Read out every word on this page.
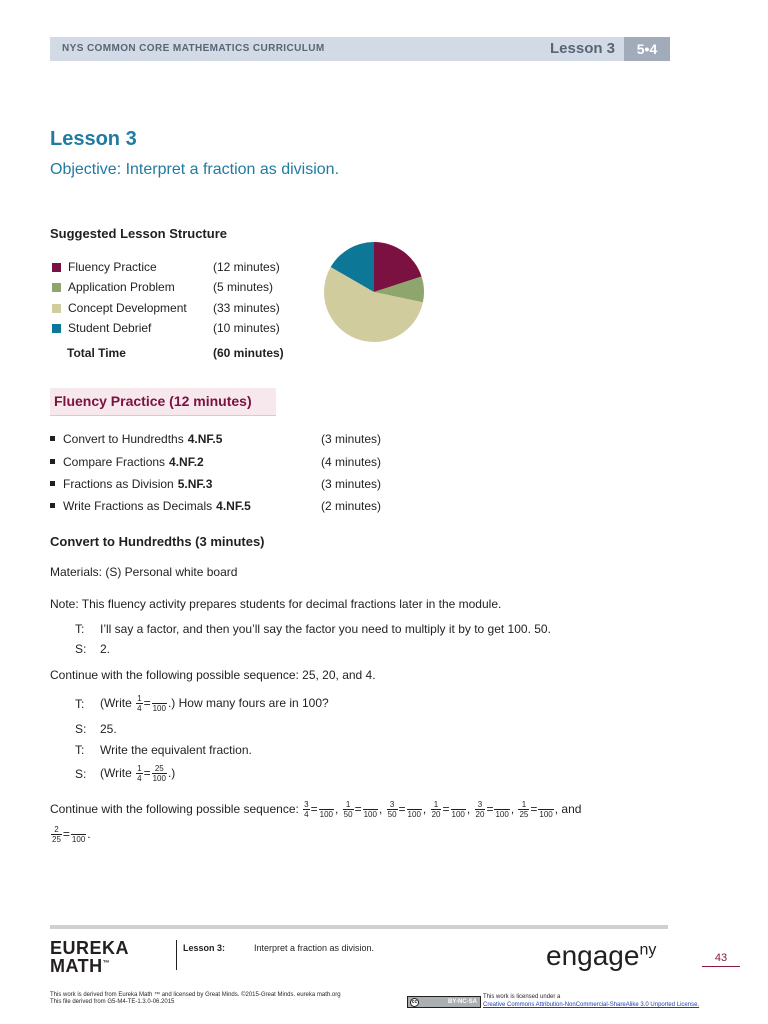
NYS COMMON CORE MATHEMATICS CURRICULUM	Lesson 3	5•4
Lesson 3
Objective: Interpret a fraction as division.
Suggested Lesson Structure
Fluency Practice	(12 minutes)
Application Problem	(5 minutes)
Concept Development (33 minutes)
Student Debrief	(10 minutes)
Total Time	(60 minutes)
Fluency Practice (12 minutes)
Convert to Hundredths 4.NF.5	(3 minutes)
Compare Fractions 4.NF.2	(4 minutes)
Fractions as Division 5.NF.3	(3 minutes)
Write Fractions as Decimals 4.NF.5	(2 minutes)
Convert to Hundredths (3 minutes)
Materials: (S) Personal white board
Note: This fluency activity prepares students for decimal fractions later in the module.
T: I’ll say a factor, and then you’ll say the factor you need to multiply it by to get 100. 50.
S: 2.
Continue with the following possible sequence: 25, 20, and 4.
T: (Write $\frac{1}{4}$ =
100 .) How many fours are in 100?
S: 25.
T: Write the equivalent fraction.
S: (Write $\frac{1}{4} = \frac{25}{100}$ .)
Continue with the following possible sequence: $\frac{3}{4}$ =
100 , $\frac{1}{50}$ =
100 , $\frac{3}{50}$ =
100 , $\frac{1}{20}$ =
100 , $\frac{3}{20}$ =
100 , $\frac{1}{25}$ =
100 , and
$\frac{2}{25}$ =
100 .
EUREKA
MATH™
Lesson 3:	Interpret a fraction as division.	engage$^{ny}$	43
This work is derived from Eureka Math ™ and licensed by Great Minds. ©2015-Great Minds. eureka math.org
This file derived from G5-M4-TE-1.3.0-06.2015	cc	BY-NC-SA
This work is licensed under a
Creative Commons Attribution-NonCommercial-ShareAlike 3.0 Unported License.
